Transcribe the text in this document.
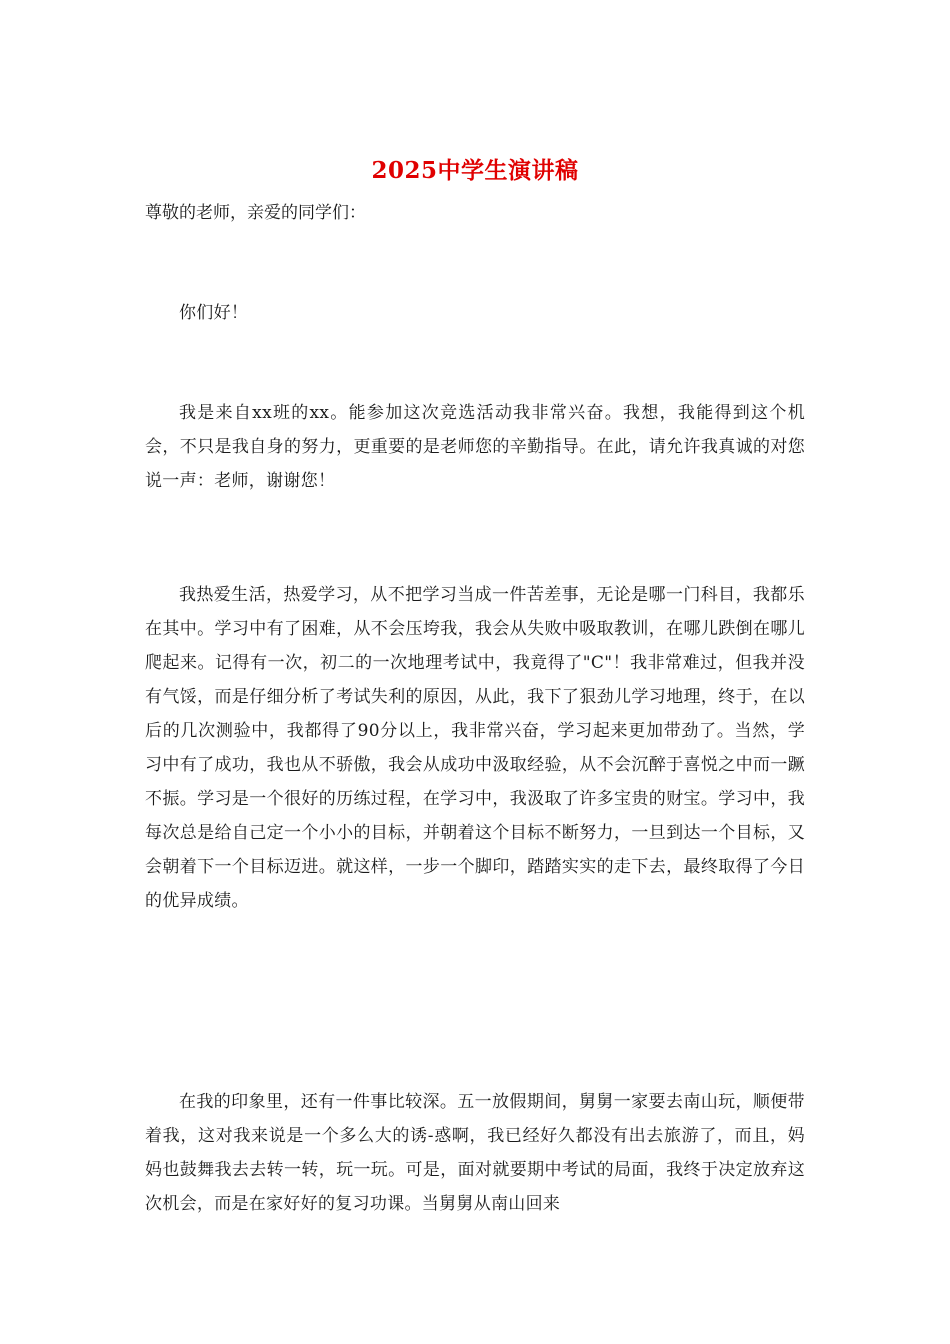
2025中学生演讲稿

尊敬的老师，亲爱的同学们：

你们好！

我是来自xx班的xx。能参加这次竞选活动我非常兴奋。我想，我能得到这个机会，不只是我自身的努力，更重要的是老师您的辛勤指导。在此，请允许我真诚的对您说一声：老师，谢谢您！

我热爱生活，热爱学习，从不把学习当成一件苦差事，无论是哪一门科目，我都乐在其中。学习中有了困难，从不会压垮我，我会从失败中吸取教训，在哪儿跌倒在哪儿爬起来。记得有一次，初二的一次地理考试中，我竟得了"C"！我非常难过，但我并没有气馁，而是仔细分析了考试失利的原因，从此，我下了狠劲儿学习地理，终于，在以后的几次测验中，我都得了90分以上，我非常兴奋，学习起来更加带劲了。当然，学习中有了成功，我也从不骄傲，我会从成功中汲取经验，从不会沉醉于喜悦之中而一蹶不振。学习是一个很好的历练过程，在学习中，我汲取了许多宝贵的财宝。学习中，我每次总是给自己定一个小小的目标，并朝着这个目标不断努力，一旦到达一个目标，又会朝着下一个目标迈进。就这样，一步一个脚印，踏踏实实的走下去，最终取得了今日的优异成绩。

在我的印象里，还有一件事比较深。五一放假期间，舅舅一家要去南山玩，顺便带着我，这对我来说是一个多么大的诱-惑啊，我已经好久都没有出去旅游了，而且，妈妈也鼓舞我去去转一转，玩一玩。可是，面对就要期中考试的局面，我终于决定放弃这次机会，而是在家好好的复习功课。当舅舅从南山回来
